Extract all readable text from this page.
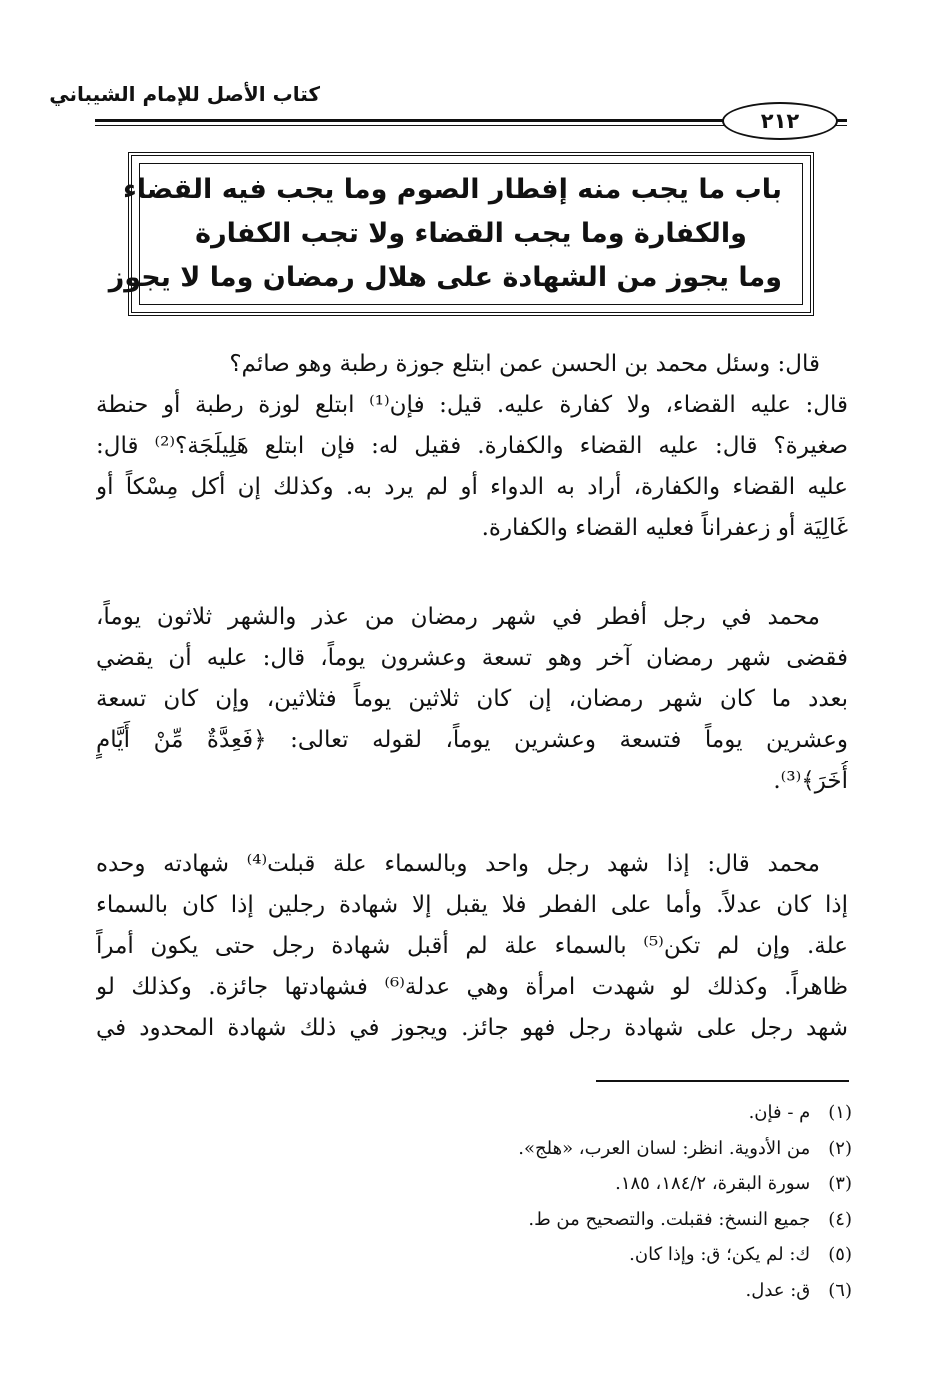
كتاب الأصل للإمام الشيباني
٢١٢
باب ما يجب منه إفطار الصوم وما يجب فيه القضاء
والكفارة وما يجب القضاء ولا تجب الكفارة
وما يجوز من الشهادة على هلال رمضان وما لا يجوز
قال: وسئل محمد بن الحسن عمن ابتلع جوزة رطبة وهو صائم؟
قال: عليه القضاء، ولا كفارة عليه. قيل: فإن⁽¹⁾ ابتلع لوزة رطبة أو حنطة
صغيرة؟ قال: عليه القضاء والكفارة. فقيل له: فإن ابتلع هَلِيلَجَة؟⁽²⁾ قال:
عليه القضاء والكفارة، أراد به الدواء أو لم يرد به. وكذلك إن أكل مِسْكاً أو
غَالِيَة أو زعفراناً فعليه القضاء والكفارة.
محمد في رجل أفطر في شهر رمضان من عذر والشهر ثلاثون يوماً،
فقضى شهر رمضان آخر وهو تسعة وعشرون يوماً، قال: عليه أن يقضي
بعدد ما كان شهر رمضان، إن كان ثلاثين يوماً فثلاثين، وإن كان تسعة
وعشرين يوماً فتسعة وعشرين يوماً، لقوله تعالى: ﴿فَعِدَّةٌ مِّنْ أَيَّامٍ
أُخَرَ﴾⁽³⁾.
محمد قال: إذا شهد رجل واحد وبالسماء علة قبلت⁽⁴⁾ شهادته وحده
إذا كان عدلاً. وأما على الفطر فلا يقبل إلا شهادة رجلين إذا كان بالسماء
علة. وإن لم تكن⁽⁵⁾ بالسماء علة لم أقبل شهادة رجل حتى يكون أمراً
ظاهراً. وكذلك لو شهدت امرأة وهي عدلة⁽⁶⁾ فشهادتها جائزة. وكذلك لو
شهد رجل على شهادة رجل فهو جائز. ويجوز في ذلك شهادة المحدود في
(١) م - فإن.
(٢) من الأدوية. انظر: لسان العرب، «هلج».
(٣) سورة البقرة، ١٨٤/٢، ١٨٥.
(٤) جميع النسخ: فقبلت. والتصحيح من ط.
(٥) ك: لم يكن؛ ق: وإذا كان.
(٦) ق: عدل.
